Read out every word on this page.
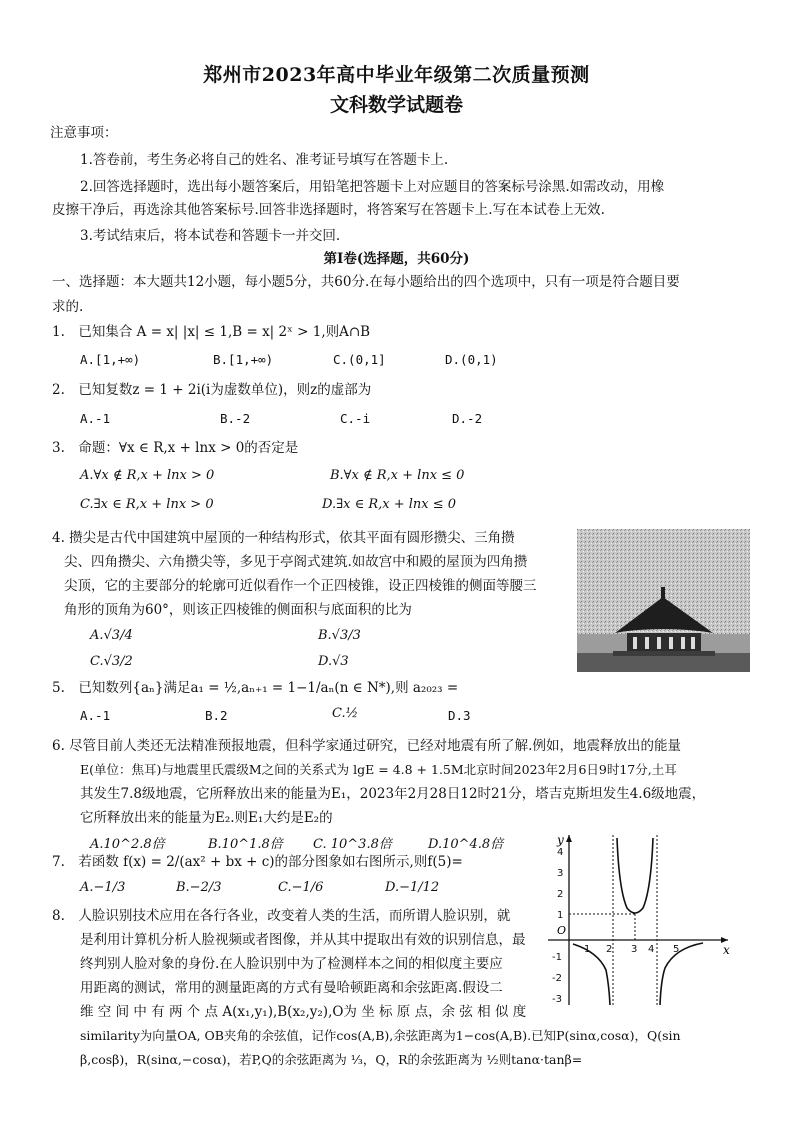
郑州市2023年高中毕业年级第二次质量预测
文科数学试题卷
注意事项：
1.答卷前，考生务必将自己的姓名、准考证号填写在答题卡上.
2.回答选择题时，选出每小题答案后，用铅笔把答题卡上对应题目的答案标号涂黑.如需改动，用橡
皮擦干净后，再选涂其他答案标号.回答非选择题时，将答案写在答题卡上.写在本试卷上无效.
3.考试结束后，将本试卷和答题卡一并交回.
第Ⅰ卷(选择题，共60分)
一、选择题：本大题共12小题，每小题5分，共60分.在每小题给出的四个选项中，只有一项是符合题目要
求的.
1.　已知集合 A = x| |x| ≤ 1,B = x| 2ˣ > 1,则A∩B
A.[1,+∞)	B.[1,+∞)	C.(0,1]	D.(0,1)
2.　已知复数z = 1 + 2i(i为虚数单位)，则z的虚部为
A.-1	B.-2	C.-i	D.-2
3.　命题：∀x ∈ R,x + lnx > 0的否定是
A.∀x ∉ R,x + lnx > 0	B.∀x ∉ R,x + lnx ≤ 0
C.∃x ∈ R,x + lnx > 0	D.∃x ∈ R,x + lnx ≤ 0
4. 攒尖是古代中国建筑中屋顶的一种结构形式，依其平面有圆形攒尖、三角攒
尖、四角攒尖、六角攒尖等，多见于亭阁式建筑.如故宫中和殿的屋顶为四角攒
尖顶，它的主要部分的轮廓可近似看作一个正四棱锥，设正四棱锥的侧面等腰三
角形的顶角为60°，则该正四棱锥的侧面积与底面积的比为
A.√3/4	B.√3/3
C.√3/2	D.√3
5.　已知数列{aₙ}满足a₁ = ½,aₙ₊₁ = 1−1/aₙ(n ∈ N*),则 a₂₀₂₃ =
A.-1	B.2	C.½	D.3
6. 尽管目前人类还无法精准预报地震，但科学家通过研究，已经对地震有所了解.例如，地震释放出的能量
E(单位：焦耳)与地震里氏震级M之间的关系式为 lgE = 4.8 + 1.5M北京时间2023年2月6日9时17分,土耳
其发生7.8级地震，它所释放出来的能量为E₁，2023年2月28日12时21分，塔吉克斯坦发生4.6级地震，
它所释放出来的能量为E₂.则E₁大约是E₂的
A.10^2.8倍	B.10^1.8倍 C. 10^3.8倍	D.10^4.8倍
7.　若函数 f(x) = 2/(ax² + bx + c)的部分图象如右图所示,则f(5)=
A.−1/3	B.−2/3	C.−1/6	D.−1/12
8.　人脸识别技术应用在各行各业，改变着人类的生活，而所谓人脸识别，就
是利用计算机分析人脸视频或者图像，并从其中提取出有效的识别信息，最
终判别人脸对象的身份.在人脸识别中为了检测样本之间的相似度主要应
用距离的测试，常用的测量距离的方式有曼哈顿距离和余弦距离.假设二
维 空 间 中 有 两 个 点 A(x₁,y₁),B(x₂,y₂),O为 坐 标 原 点，余 弦 相 似 度
similarity为向量OA, OB夹角的余弦值，记作cos(A,B),余弦距离为1−cos(A,B).已知P(sinα,cosα)，Q(sin
β,cosβ)，R(sinα,−cosα)，若P,Q的余弦距离为 ⅓，Q，R的余弦距离为 ½则tanα·tanβ=
y
x
O
4
3
2
1
-1
-2
-3
1 2 3 4 5
